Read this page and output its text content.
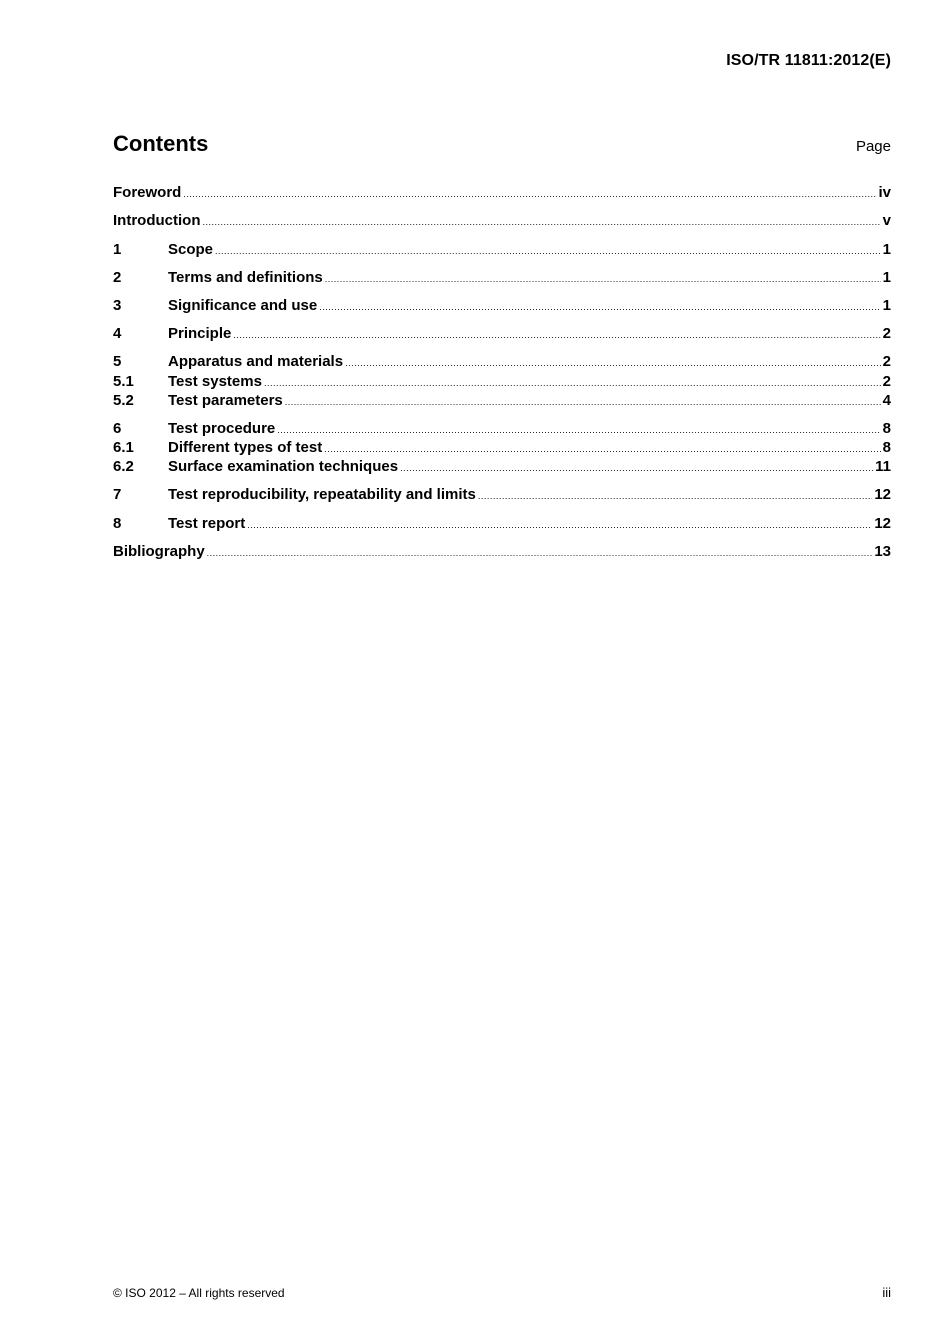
ISO/TR 11811:2012(E)
Contents	Page
Foreword .....	iv
Introduction .....	v
1	Scope .....	1
2	Terms and definitions .....	1
3	Significance and use .....	1
4	Principle .....	2
5	Apparatus and materials .....	2
5.1	Test systems .....	2
5.2	Test parameters .....	4
6	Test procedure .....	8
6.1	Different types of test .....	8
6.2	Surface examination techniques .....	11
7	Test reproducibility, repeatability and limits .....	12
8	Test report .....	12
Bibliography .....	13
© ISO 2012 – All rights reserved	iii
